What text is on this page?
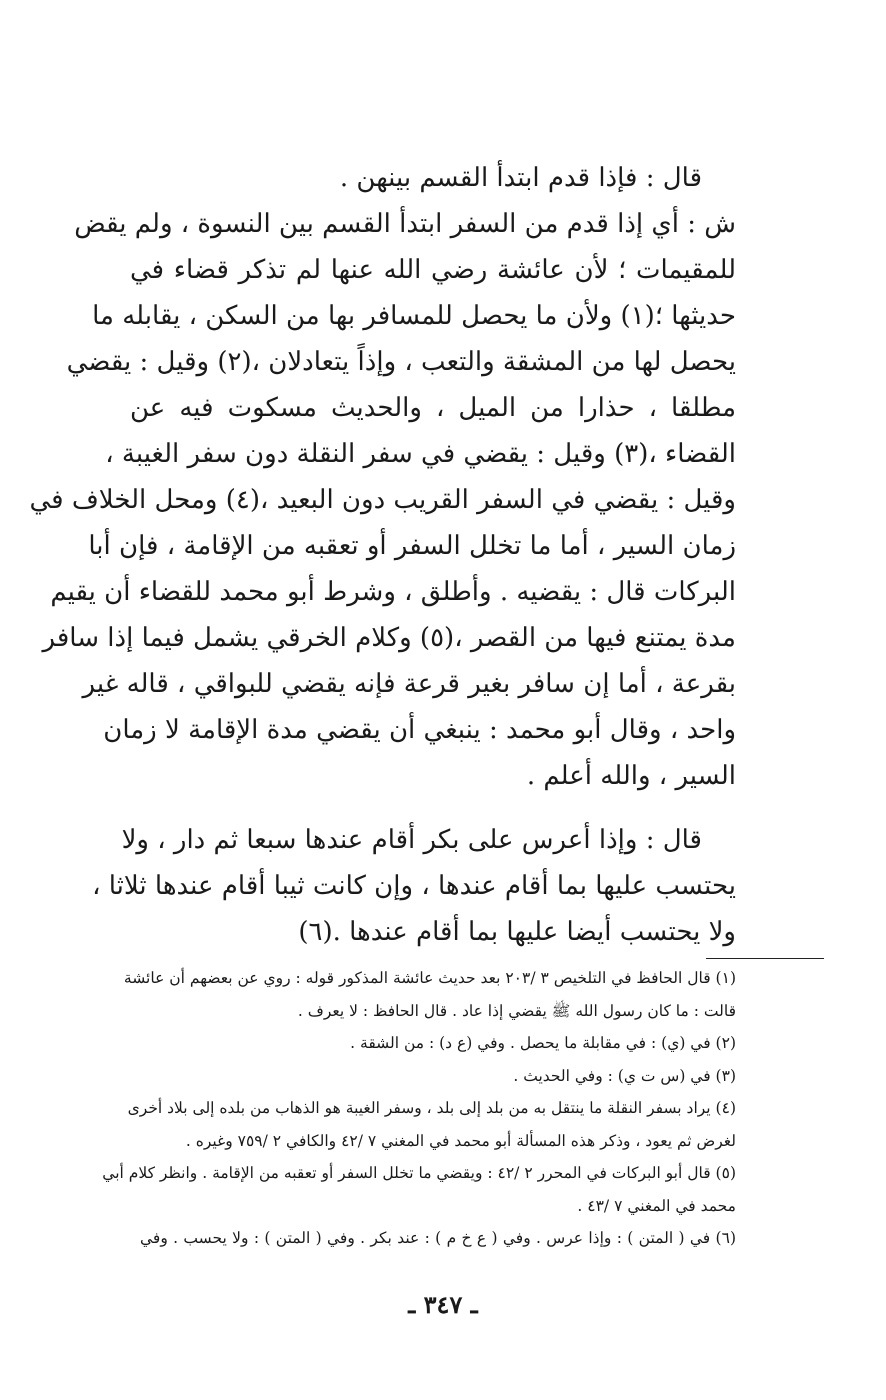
قال : فإذا قدم ابتدأ القسم بينهن .
ش : أي إذا قدم من السفر ابتدأ القسم بين النسوة ، ولم يقض
للمقيمات ؛ لأن عائشة رضي الله عنها لم تذكر قضاء في
حديثها ؛(١) ولأن ما يحصل للمسافر بها من السكن ، يقابله ما
يحصل لها من المشقة والتعب ، وإذاً يتعادلان ،(٢) وقيل : يقضي
مطلقا ، حذارا من الميل ، والحديث مسكوت فيه عن
القضاء ،(٣) وقيل : يقضي في سفر النقلة دون سفر الغيبة ،
وقيل : يقضي في السفر القريب دون البعيد ،(٤) ومحل الخلاف في
زمان السير ، أما ما تخلل السفر أو تعقبه من الإقامة ، فإن أبا
البركات قال : يقضيه . وأطلق ، وشرط أبو محمد للقضاء أن يقيم
مدة يمتنع فيها من القصر ،(٥) وكلام الخرقي يشمل فيما إذا سافر
بقرعة ، أما إن سافر بغير قرعة فإنه يقضي للبواقي ، قاله غير
واحد ، وقال أبو محمد : ينبغي أن يقضي مدة الإقامة لا زمان
السير ، والله أعلم .
قال : وإذا أعرس على بكر أقام عندها سبعا ثم دار ، ولا
يحتسب عليها بما أقام عندها ، وإن كانت ثيبا أقام عندها ثلاثا ،
ولا يحتسب أيضا عليها بما أقام عندها .(٦)
(١) قال الحافظ في التلخيص ٣ /٢٠٣ بعد حديث عائشة المذكور قوله : روي عن بعضهم أن عائشة
قالت : ما كان رسول الله ﷺ يقضي إذا عاد . قال الحافظ : لا يعرف .
(٢) في (ي) : في مقابلة ما يحصل . وفي (ع د) : من الشقة .
(٣) في (س ت ي) : وفي الحديث .
(٤) يراد بسفر النقلة ما ينتقل به من بلد إلى بلد ، وسفر الغيبة هو الذهاب من بلده إلى بلاد أخرى
لغرض ثم يعود ، وذكر هذه المسألة أبو محمد في المغني ٧ /٤٢ والكافي ٢ /٧٥٩ وغيره .
(٥) قال أبو البركات في المحرر ٢ /٤٢ : ويقضي ما تخلل السفر أو تعقبه من الإقامة . وانظر كلام أبي
محمد في المغني ٧ /٤٣ .
(٦) في ( المتن ) : وإذا عرس . وفي ( ع خ م ) : عند بكر . وفي ( المتن ) : ولا يحسب . وفي
ـ ٣٤٧ ـ
